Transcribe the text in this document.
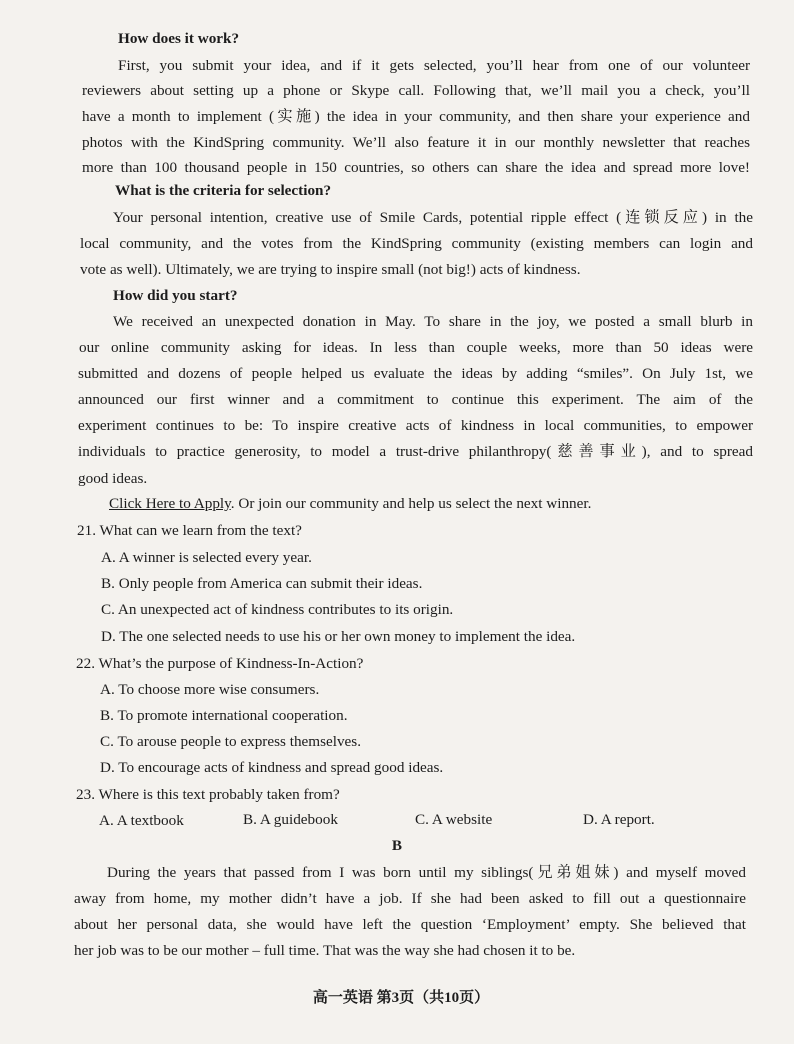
How does it work?
First, you submit your idea, and if it gets selected, you’ll hear from one of our volunteer
reviewers about setting up a phone or Skype call. Following that, we’ll mail you a check, you’ll
have a month to implement (实施) the idea in your community, and then share your experience and
photos with the KindSpring community. We’ll also feature it in our monthly newsletter that reaches
more than 100 thousand people in 150 countries, so others can share the idea and spread more love!
What is the criteria for selection?
Your personal intention, creative use of Smile Cards, potential ripple effect (连锁反应) in the
local community, and the votes from the KindSpring community (existing members can login and
vote as well). Ultimately, we are trying to inspire small (not big!) acts of kindness.
How did you start?
We received an unexpected donation in May. To share in the joy, we posted a small blurb in
our online community asking for ideas. In less than couple weeks, more than 50 ideas were
submitted and dozens of people helped us evaluate the ideas by adding “smiles”. On July 1st, we
announced our first winner and a commitment to continue this experiment. The aim of the
experiment continues to be: To inspire creative acts of kindness in local communities, to empower
individuals to practice generosity, to model a trust-drive philanthropy(慈善事业), and to spread
good ideas.
Click Here to Apply. Or join our community and help us select the next winner.
21. What can we learn from the text?
A. A winner is selected every year.
B. Only people from America can submit their ideas.
C. An unexpected act of kindness contributes to its origin.
D. The one selected needs to use his or her own money to implement the idea.
22. What’s the purpose of Kindness-In-Action?
A. To choose more wise consumers.
B. To promote international cooperation.
C. To arouse people to express themselves.
D. To encourage acts of kindness and spread good ideas.
23. Where is this text probably taken from?
A. A textbook	B. A guidebook	C. A website	D. A report.
B
During the years that passed from I was born until my siblings(兄弟姐妹) and myself moved
away from home, my mother didn’t have a job. If she had been asked to fill out a questionnaire
about her personal data, she would have left the question ‘Employment’ empty. She believed that
her job was to be our mother – full time. That was the way she had chosen it to be.
高一英语 第3页（共10页）
